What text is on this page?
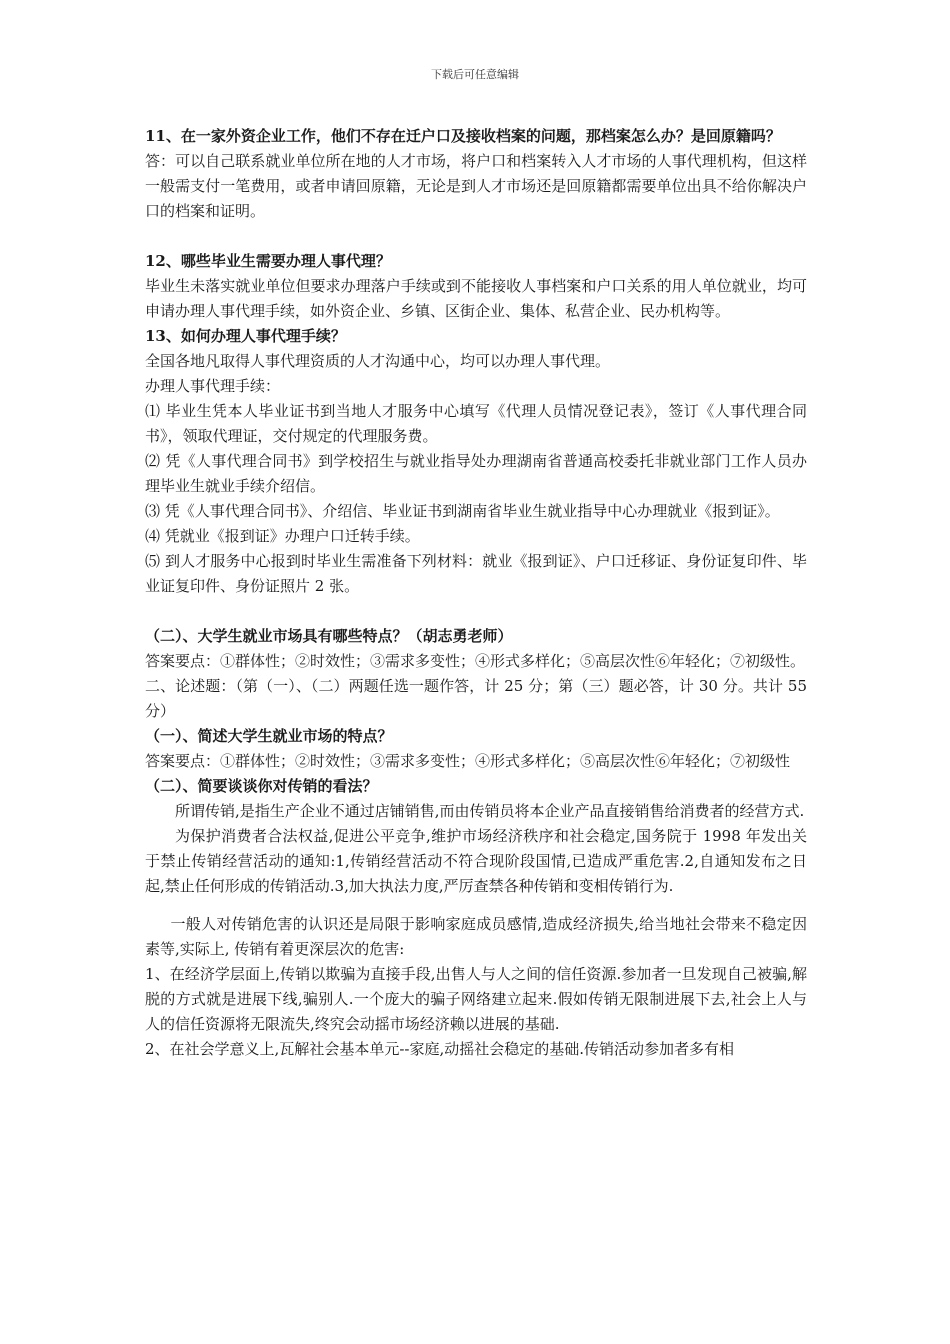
下载后可任意编辑

11、在一家外资企业工作，他们不存在迁户口及接收档案的问题，那档案怎么办？是回原籍吗？

答：可以自己联系就业单位所在地的人才市场，将户口和档案转入人才市场的人事代理机构，但这样一般需支付一笔费用，或者申请回原籍，无论是到人才市场还是回原籍都需要单位出具不给你解决户口的档案和证明。

12、哪些毕业生需要办理人事代理？

毕业生未落实就业单位但要求办理落户手续或到不能接收人事档案和户口关系的用人单位就业，均可申请办理人事代理手续，如外资企业、乡镇、区街企业、集体、私营企业、民办机构等。

13、如何办理人事代理手续？

全国各地凡取得人事代理资质的人才沟通中心，均可以办理人事代理。

办理人事代理手续：

⑴ 毕业生凭本人毕业证书到当地人才服务中心填写《代理人员情况登记表》，签订《人事代理合同书》，领取代理证，交付规定的代理服务费。

⑵ 凭《人事代理合同书》到学校招生与就业指导处办理湖南省普通高校委托非就业部门工作人员办理毕业生就业手续介绍信。

⑶ 凭《人事代理合同书》、介绍信、毕业证书到湖南省毕业生就业指导中心办理就业《报到证》。

⑷ 凭就业《报到证》办理户口迁转手续。

⑸ 到人才服务中心报到时毕业生需准备下列材料：就业《报到证》、户口迁移证、身份证复印件、毕业证复印件、身份证照片 2 张。

（二）、大学生就业市场具有哪些特点？（胡志勇老师）

答案要点：①群体性；②时效性；③需求多变性；④形式多样化；⑤高层次性⑥年轻化；⑦初级性。

二、论述题：（第（一）、（二）两题任选一题作答，计 25 分；第（三）题必答，计 30 分。共计 55 分）

（一）、简述大学生就业市场的特点？

答案要点：①群体性；②时效性；③需求多变性；④形式多样化；⑤高层次性⑥年轻化；⑦初级性

（二）、简要谈谈你对传销的看法？

所谓传销,是指生产企业不通过店铺销售,而由传销员将本企业产品直接销售给消费者的经营方式.

为保护消费者合法权益,促进公平竞争,维护市场经济秩序和社会稳定,国务院于 1998 年发出关于禁止传销经营活动的通知:1,传销经营活动不符合现阶段国情,已造成严重危害.2,自通知发布之日起,禁止任何形成的传销活动.3,加大执法力度,严厉查禁各种传销和变相传销行为.

一般人对传销危害的认识还是局限于影响家庭成员感情,造成经济损失,给当地社会带来不稳定因素等,实际上, 传销有着更深层次的危害:

1、在经济学层面上,传销以欺骗为直接手段,出售人与人之间的信任资源.参加者一旦发现自己被骗,解脱的方式就是进展下线,骗别人.一个庞大的骗子网络建立起来.假如传销无限制进展下去,社会上人与人的信任资源将无限流失,终究会动摇市场经济赖以进展的基础.

2、在社会学意义上,瓦解社会基本单元--家庭,动摇社会稳定的基础.传销活动参加者多有相
